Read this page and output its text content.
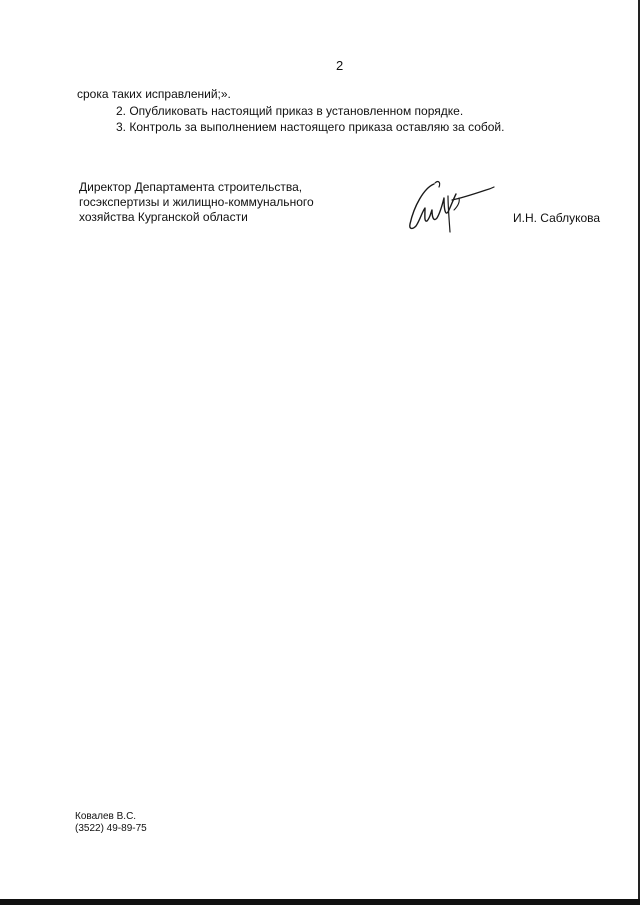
2
срока таких исправлений;».
2. Опубликовать настоящий приказ в установленном порядке.
3. Контроль за выполнением настоящего приказа оставляю за собой.
Директор Департамента строительства,
госэкспертизы и жилищно-коммунального
хозяйства Курганской области	И.Н. Саблукова
Ковалев В.С.
(3522) 49-89-75
